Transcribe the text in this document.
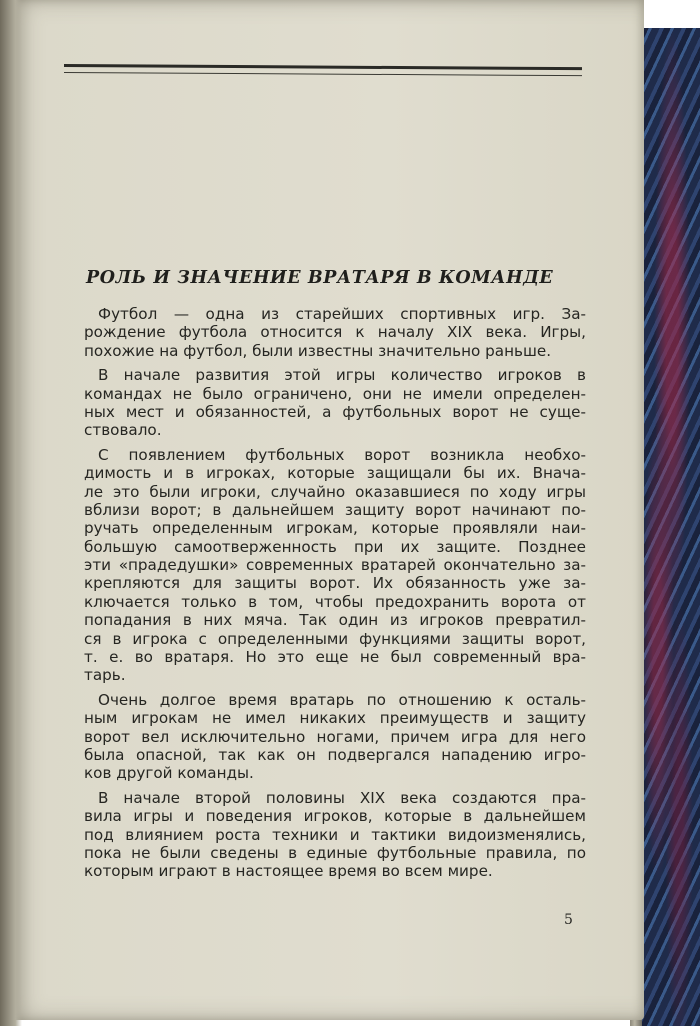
РОЛЬ И ЗНАЧЕНИЕ ВРАТАРЯ В КОМАНДЕ
Футбол — одна из старейших спортивных игр. За-
рождение футбола относится к началу XIX века. Игры,
похожие на футбол, были известны значительно раньше.
В начале развития этой игры количество игроков в
командах не было ограничено, они не имели определен-
ных мест и обязанностей, а футбольных ворот не суще-
ствовало.
С появлением футбольных ворот возникла необхо-
димость и в игроках, которые защищали бы их. Внача-
ле это были игроки, случайно оказавшиеся по ходу игры
вблизи ворот; в дальнейшем защиту ворот начинают по-
ручать определенным игрокам, которые проявляли наи-
большую самоотверженность при их защите. Позднее
эти «прадедушки» современных вратарей окончательно за-
крепляются для защиты ворот. Их обязанность уже за-
ключается только в том, чтобы предохранить ворота от
попадания в них мяча. Так один из игроков превратил-
ся в игрока с определенными функциями защиты ворот,
т. е. во вратаря. Но это еще не был современный врa-
тарь.
Очень долгое время вратарь по отношению к осталь-
ным игрокам не имел никаких преимуществ и защиту
ворот вел исключительно ногами, причем игра для него
была опасной, так как он подвергался нападению игро-
ков другой команды.
В начале второй половины XIX века создаются пра-
вила игры и поведения игроков, которые в дальнейшем
под влиянием роста техники и тактики видоизменялись,
пока не были сведены в единые футбольные правила, по
которым играют в настоящее время во всем мире.
5
